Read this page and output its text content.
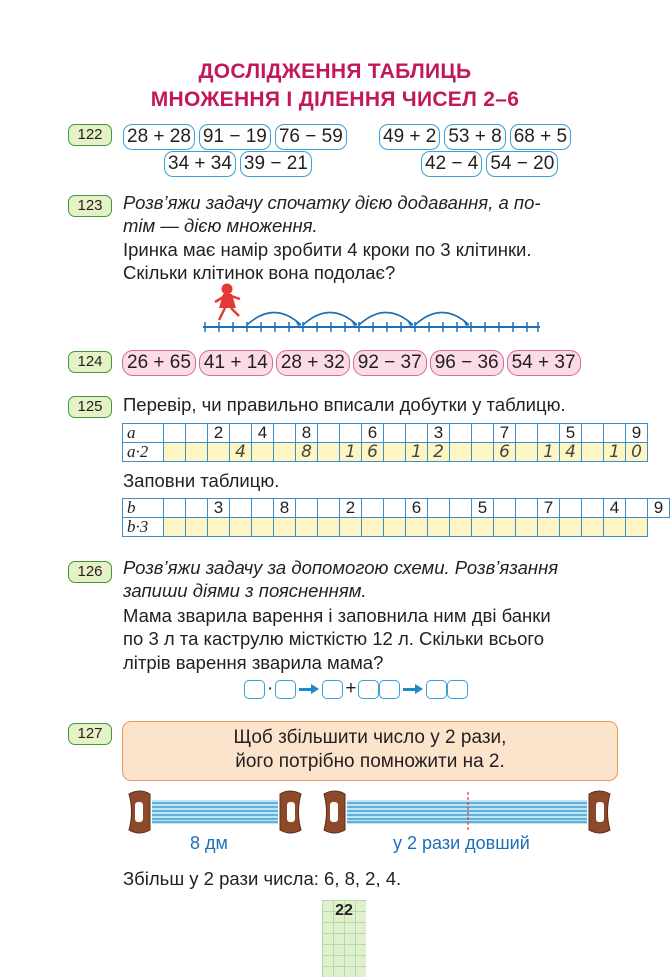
ДОСЛІДЖЕННЯ ТАБЛИЦЬ
МНОЖЕННЯ І ДІЛЕННЯ ЧИСЕЛ 2–6
122	28 + 28 91 − 19 76 − 59 49 + 2 53 + 8 68 + 5
34 + 34 39 − 21	42 − 4 54 − 20
123	Розв’яжи задачу спочатку дією додавання, а по-
тім — дією множення.
Іринка має намір зробити 4 кроки по 3 клітинки.
Скільки клітинок вона подолає?
124	26 + 65 41 + 14 28 + 32 92 − 37 96 − 36 54 + 37
125	Перевір, чи правильно вписали добутки у таблицю.
a			2		4		8			6			3			7			5			9
a·2				4			8		1	6		1	2			6		1	4		1	0
Заповни таблицю.
b			3			8			2			6			5			7			4		9
b·3																							
126	Розв’яжи задачу за допомогою схеми. Розв’язання
запиши діями з поясненням.
Мама зварила варення і заповнила ним дві банки
по 3 л та каструлю місткістю 12 л. Скільки всього
літрів варення зварила мама?
·	+
127	Щоб збільшити число у 2 рази,
його потрібно помножити на 2.
8 дм	у 2 рази довший
Збільш у 2 рази числа: 6, 8, 2, 4.
22
